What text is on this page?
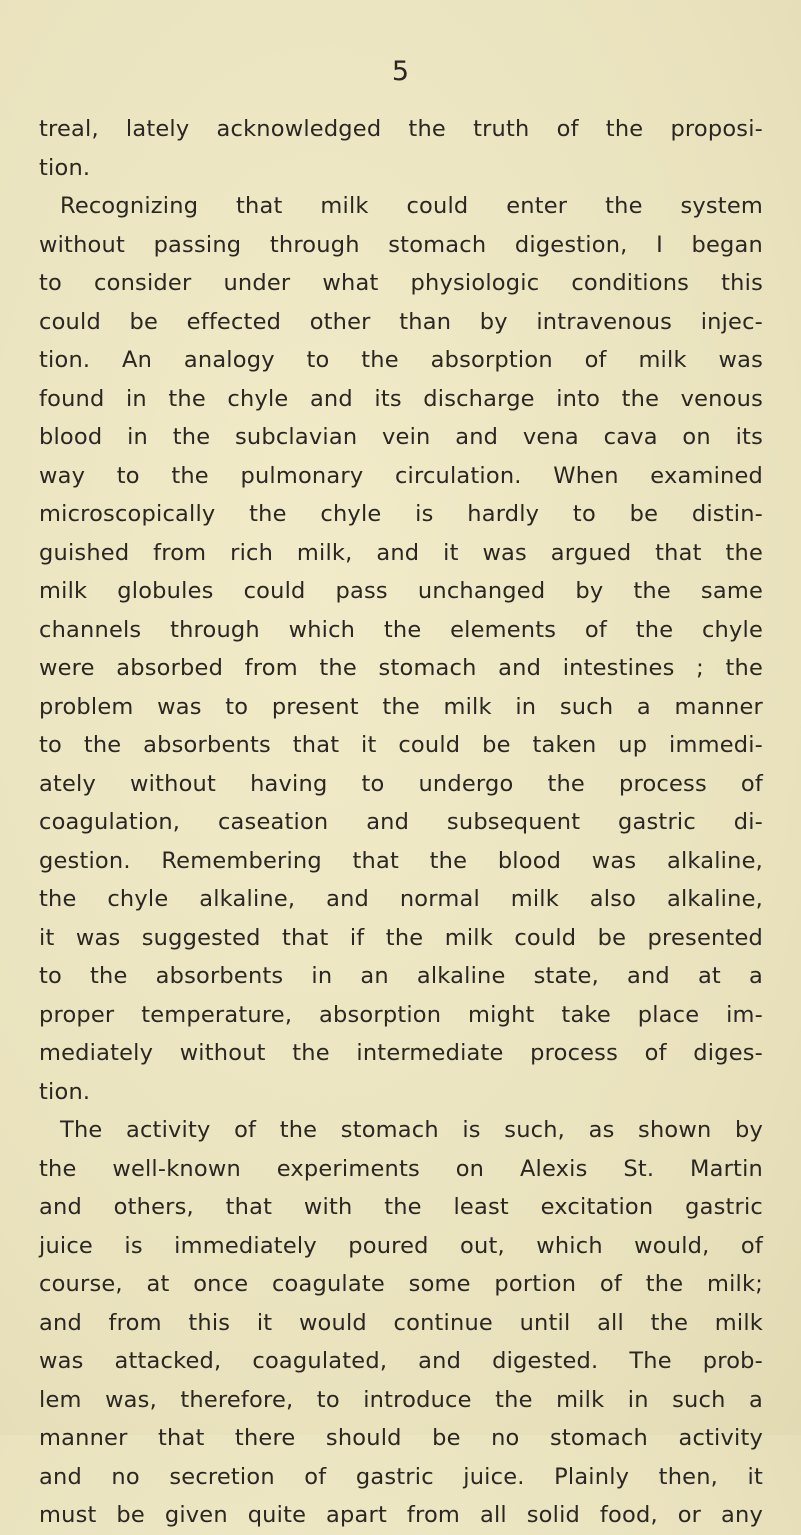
5
treal, lately acknowledged the truth of the proposi-
tion.
Recognizing that milk could enter the system
without passing through stomach digestion, I began
to consider under what physiologic conditions this
could be effected other than by intravenous injec-
tion. An analogy to the absorption of milk was
found in the chyle and its discharge into the venous
blood in the subclavian vein and vena cava on its
way to the pulmonary circulation. When examined
microscopically the chyle is hardly to be distin-
guished from rich milk, and it was argued that the
milk globules could pass unchanged by the same
channels through which the elements of the chyle
were absorbed from the stomach and intestines ; the
problem was to present the milk in such a manner
to the absorbents that it could be taken up immedi-
ately without having to undergo the process of
coagulation, caseation and subsequent gastric di-
gestion. Remembering that the blood was alkaline,
the chyle alkaline, and normal milk also alkaline,
it was suggested that if the milk could be presented
to the absorbents in an alkaline state, and at a
proper temperature, absorption might take place im-
mediately without the intermediate process of diges-
tion.
The activity of the stomach is such, as shown by
the well-known experiments on Alexis St. Martin
and others, that with the least excitation gastric
juice is immediately poured out, which would, of
course, at once coagulate some portion of the milk;
and from this it would continue until all the milk
was attacked, coagulated, and digested. The prob-
lem was, therefore, to introduce the milk in such a
manner that there should be no stomach activity
and no secretion of gastric juice. Plainly then, it
must be given quite apart from all solid food, or any
